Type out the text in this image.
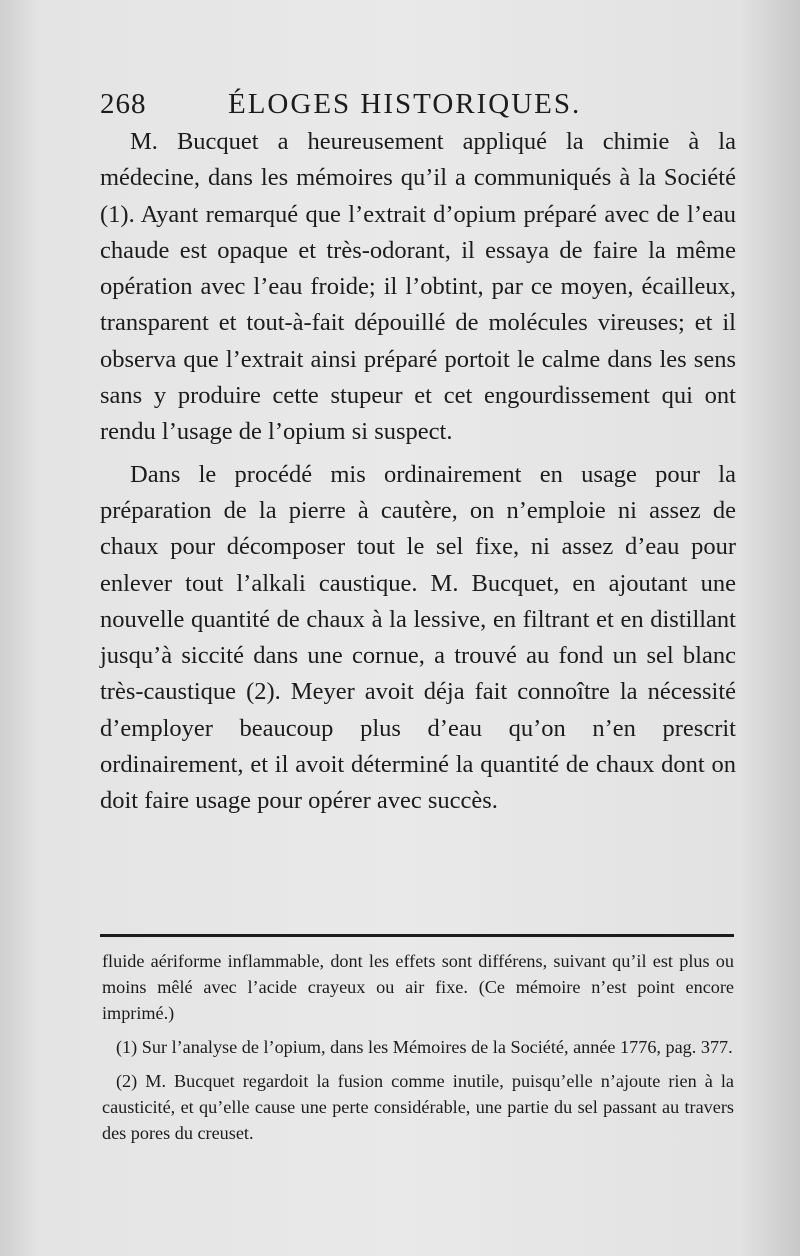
268	ÉLOGES HISTORIQUES.

M. Bucquet a heureusement appliqué la chimie à la médecine, dans les mémoires qu’il a communiqués à la Société (1). Ayant remarqué que l’extrait d’opium préparé avec de l’eau chaude est opaque et très-odorant, il essaya de faire la même opération avec l’eau froide; il l’obtint, par ce moyen, écailleux, transparent et tout-à-fait dépouillé de molécules vireuses; et il observa que l’extrait ainsi préparé portoit le calme dans les sens sans y produire cette stupeur et cet engourdissement qui ont rendu l’usage de l’opium si suspect.

Dans le procédé mis ordinairement en usage pour la préparation de la pierre à cautère, on n’emploie ni assez de chaux pour décomposer tout le sel fixe, ni assez d’eau pour enlever tout l’alkali caustique. M. Bucquet, en ajoutant une nouvelle quantité de chaux à la lessive, en filtrant et en distillant jusqu’à siccité dans une cornue, a trouvé au fond un sel blanc très-caustique (2). Meyer avoit déja fait connoître la nécessité d’employer beaucoup plus d’eau qu’on n’en prescrit ordinairement, et il avoit déterminé la quantité de chaux dont on doit faire usage pour opérer avec succès.

fluide aériforme inflammable, dont les effets sont différens, suivant qu’il est plus ou moins mêlé avec l’acide crayeux ou air fixe. (Ce mémoire n’est point encore imprimé.)

(1) Sur l’analyse de l’opium, dans les Mémoires de la Société, année 1776, pag. 377.

(2) M. Bucquet regardoit la fusion comme inutile, puisqu’elle n’ajoute rien à la causticité, et qu’elle cause une perte considérable, une partie du sel passant au travers des pores du creuset.
